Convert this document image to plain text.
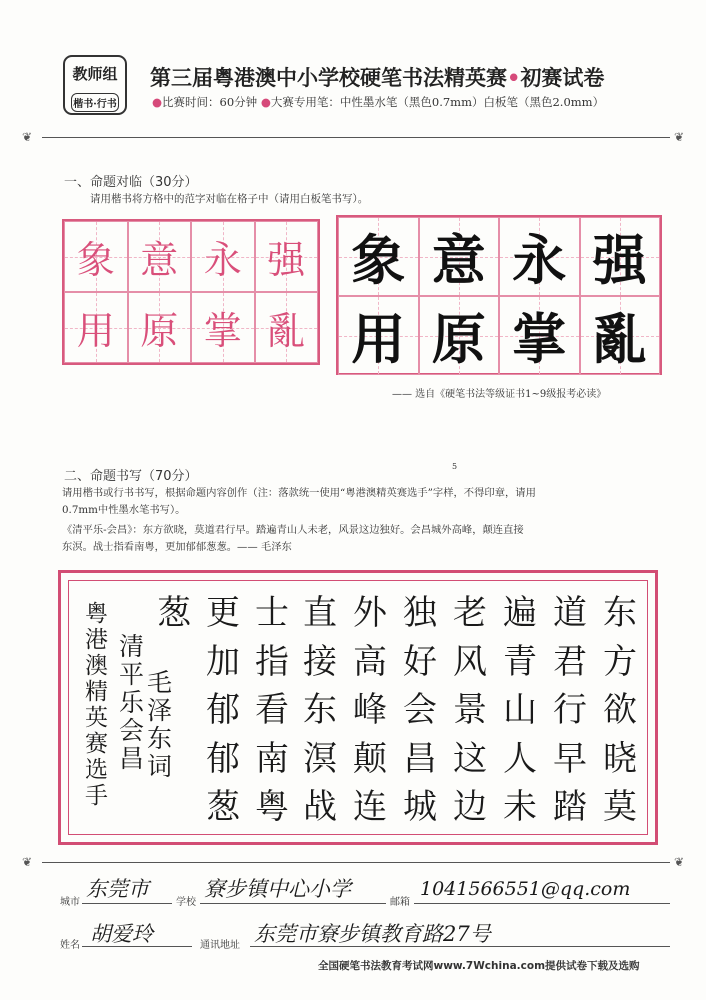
教师组
楷书·行书
第三届粤港澳中小学校硬笔书法精英赛•初赛试卷
●比赛时间：60分钟 ●大赛专用笔：中性墨水笔（黑色0.7mm）白板笔（黑色2.0mm）
❦	❦
一、命题对临（30分）
请用楷书将方格中的范字对临在格子中（请用白板笔书写）。
象 意 永 强
用 原 掌 亂
象 意 永 强
用 原 掌 亂
—— 选自《硬笔书法等级证书1~9级报考必读》
5
二、命题书写（70分）
请用楷书或行书书写，根据命题内容创作（注：落款统一使用“粤港澳精英赛选手”字样，不得印章，请用
0.7mm中性墨水笔书写）。
《清平乐-会昌》：东方欲晓，莫道君行早。踏遍青山人未老，风景这边独好。会昌城外高峰，颠连直接
东溟。战士指看南粤，更加郁郁葱葱。—— 毛泽东
东
方
欲
晓
莫
道
君
行
早
踏
遍
青
山
人
未
老
风
景
这
边
独
好
会
昌
城
外
高
峰
颠
连
直
接
东
溟
战
士
指
看
南
粤
更
加
郁
郁
葱
葱
毛
泽
东
词
清
平
乐
会
昌
粤
港
澳
精
英
赛
选
手
❦	❦
城市
东莞市
学校
寮步镇中心小学
邮箱
1041566551@qq.com
姓名 胡爱玲	通讯地址 东莞市寮步镇教育路27号
全国硬笔书法教育考试网www.7Wchina.com提供试卷下载及选购
